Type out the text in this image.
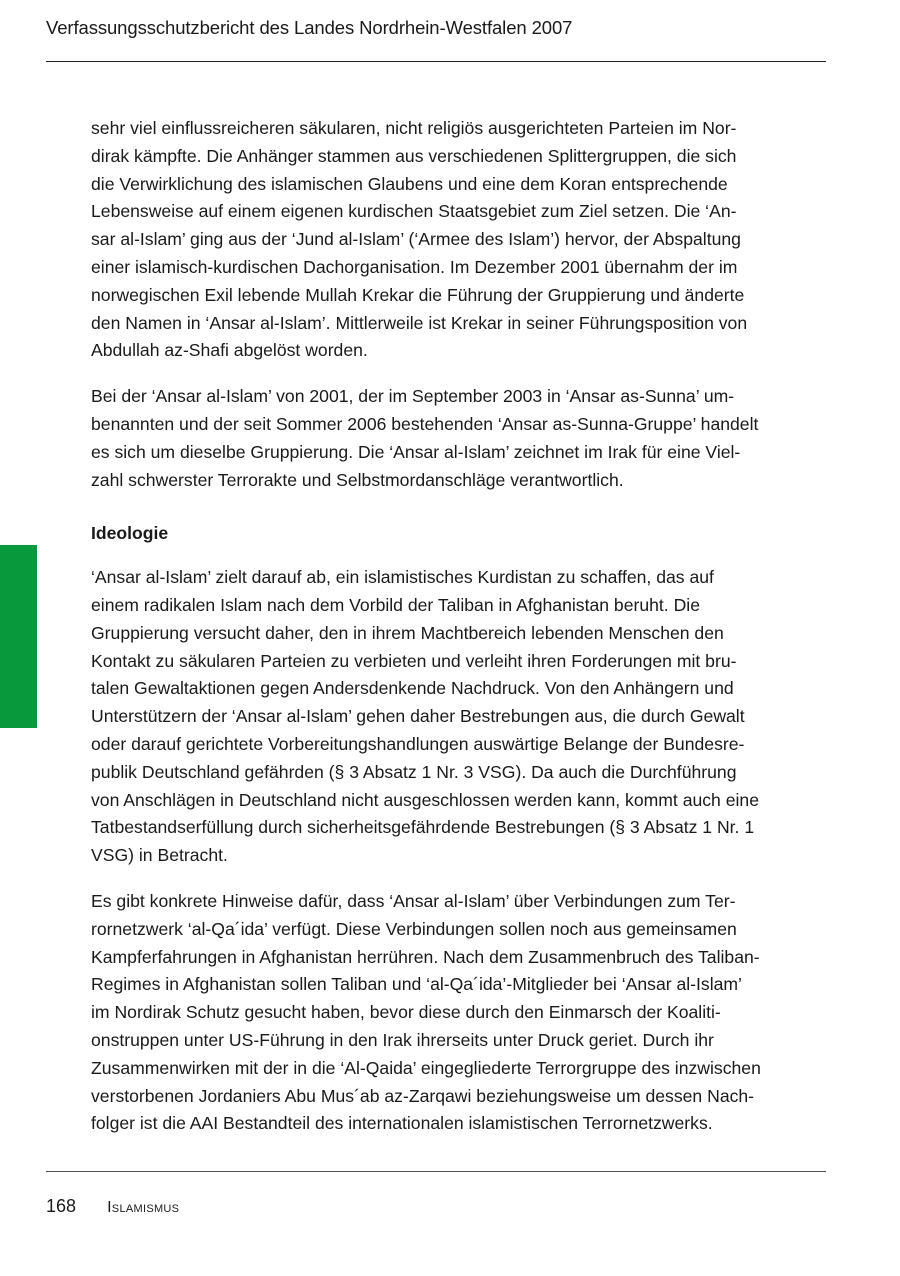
Verfassungsschutzbericht des Landes Nordrhein-Westfalen 2007
sehr viel einflussreicheren säkularen, nicht religiös ausgerichteten Parteien im Nor-
dirak kämpfte. Die Anhänger stammen aus verschiedenen Splittergruppen, die sich
die Verwirklichung des islamischen Glaubens und eine dem Koran entsprechende
Lebensweise auf einem eigenen kurdischen Staatsgebiet zum Ziel setzen. Die ‘An-
sar al-Islam’ ging aus der ‘Jund al-Islam’ (‘Armee des Islam’) hervor, der Abspaltung
einer islamisch-kurdischen Dachorganisation. Im Dezember 2001 übernahm der im
norwegischen Exil lebende Mullah Krekar die Führung der Gruppierung und änderte
den Namen in ‘Ansar al-Islam’. Mittlerweile ist Krekar in seiner Führungsposition von
Abdullah az-Shafi abgelöst worden.
Bei der ‘Ansar al-Islam’ von 2001, der im September 2003 in ‘Ansar as-Sunna’ um-
benannten und der seit Sommer 2006 bestehenden ‘Ansar as-Sunna-Gruppe’ handelt
es sich um dieselbe Gruppierung. Die ‘Ansar al-Islam’ zeichnet im Irak für eine Viel-
zahl schwerster Terrorakte und Selbstmordanschläge verantwortlich.
Ideologie
‘Ansar al-Islam’ zielt darauf ab, ein islamistisches Kurdistan zu schaffen, das auf
einem radikalen Islam nach dem Vorbild der Taliban in Afghanistan beruht. Die
Gruppierung versucht daher, den in ihrem Machtbereich lebenden Menschen den
Kontakt zu säkularen Parteien zu verbieten und verleiht ihren Forderungen mit bru-
talen Gewaltaktionen gegen Andersdenkende Nachdruck. Von den Anhängern und
Unterstützern der ‘Ansar al-Islam’ gehen daher Bestrebungen aus, die durch Gewalt
oder darauf gerichtete Vorbereitungshandlungen auswärtige Belange der Bundesre-
publik Deutschland gefährden (§ 3 Absatz 1 Nr. 3 VSG). Da auch die Durchführung
von Anschlägen in Deutschland nicht ausgeschlossen werden kann, kommt auch eine
Tatbestandserfüllung durch sicherheitsgefährdende Bestrebungen (§ 3 Absatz 1 Nr. 1
VSG) in Betracht.
Es gibt konkrete Hinweise dafür, dass ‘Ansar al-Islam’ über Verbindungen zum Ter-
rornetzwerk ‘al-Qa´ida’ verfügt. Diese Verbindungen sollen noch aus gemeinsamen
Kampferfahrungen in Afghanistan herrühren. Nach dem Zusammenbruch des Taliban-
Regimes in Afghanistan sollen Taliban und ‘al-Qa´ida’-Mitglieder bei ‘Ansar al-Islam’
im Nordirak Schutz gesucht haben, bevor diese durch den Einmarsch der Koaliti-
onstruppen unter US-Führung in den Irak ihrerseits unter Druck geriet. Durch ihr
Zusammenwirken mit der in die ‘Al-Qaida’ eingegliederte Terrorgruppe des inzwischen
verstorbenen Jordaniers Abu Mus´ab az-Zarqawi beziehungsweise um dessen Nach-
folger ist die AAI Bestandteil des internationalen islamistischen Terrornetzwerks.
168 Islamismus
